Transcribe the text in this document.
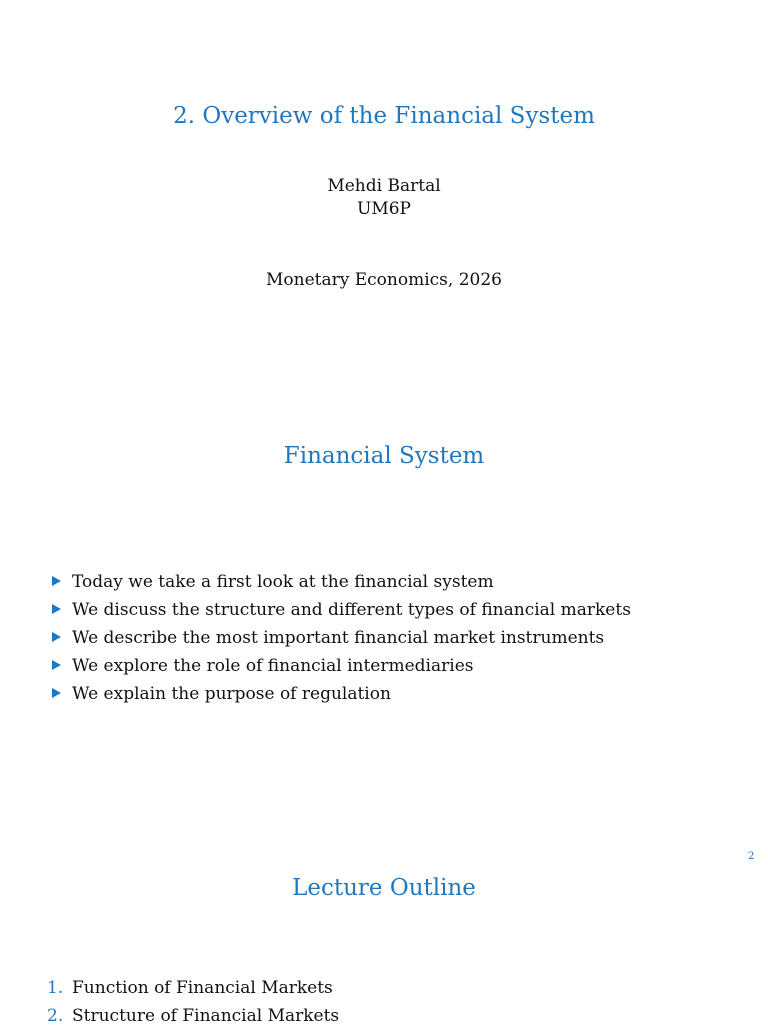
2. Overview of the Financial System
Mehdi Bartal
UM6P
Monetary Economics, 2026
Financial System
Today we take a first look at the financial system
We discuss the structure and different types of financial markets
We describe the most important financial market instruments
We explore the role of financial intermediaries
We explain the purpose of regulation
2
Lecture Outline
1. Function of Financial Markets
2. Structure of Financial Markets
